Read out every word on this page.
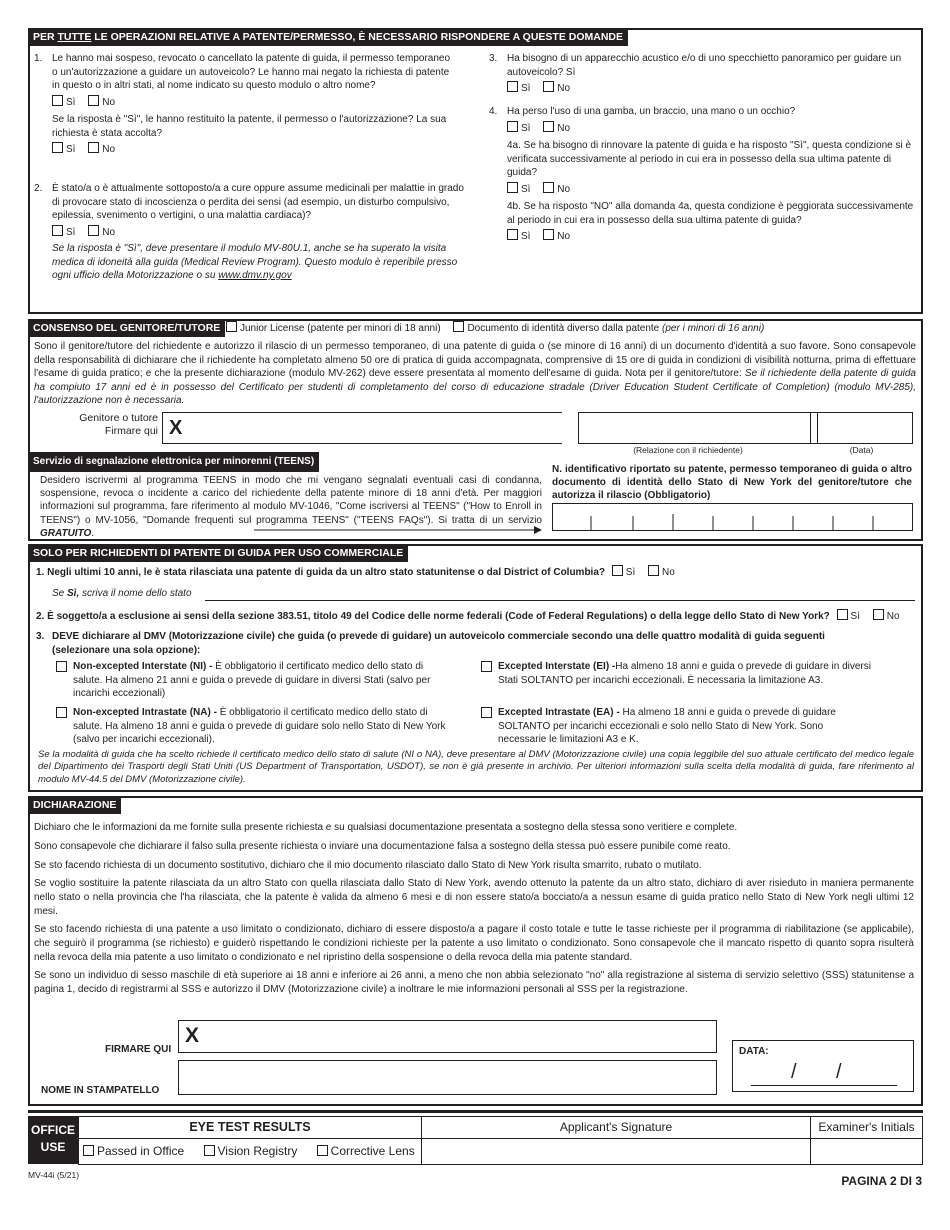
PER TUTTE LE OPERAZIONI RELATIVE A PATENTE/PERMESSO, È NECESSARIO RISPONDERE A QUESTE DOMANDE
1. Le hanno mai sospeso, revocato o cancellato la patente di guida, il permesso temporaneo o un'autorizzazione a guidare un autoveicolo? Le hanno mai negato la richiesta di patente in questo o in altri stati, al nome indicato su questo modulo o altro nome?
Sì	No
Se la risposta è "Sì", le hanno restituito la patente, il permesso o l'autorizzazione? La sua richiesta è stata accolta?
Sì	No
2. È stato/a o è attualmente sottoposto/a a cure oppure assume medicinali per malattie in grado di provocare stato di incoscienza o perdita dei sensi (ad esempio, un disturbo compulsivo, epilessia, svenimento o vertigini, o una malattia cardiaca)?
Sì	No
Se la risposta è "Sì", deve presentare il modulo MV-80U.1, anche se ha superato la visita medica di idoneità alla guida (Medical Review Program). Questo modulo è reperibile presso ogni ufficio della Motorizzazione o su www.dmv.ny.gov
3. Ha bisogno di un apparecchio acustico e/o di uno specchietto panoramico per guidare un autoveicolo? Sì
Sì	No
4. Ha perso l'uso di una gamba, un braccio, una mano o un occhio?
Sì	No
4a. Se ha bisogno di rinnovare la patente di guida e ha risposto "Sì", questa condizione si è verificata successivamente al periodo in cui era in possesso della sua ultima patente di guida?
Sì	No
4b. Se ha risposto "NO" alla domanda 4a, questa condizione è peggiorata successivamente al periodo in cui era in possesso della sua ultima patente di guida?
Sì	No
CONSENSO DEL GENITORE/TUTORE	Junior License (patente per minori di 18 anni)	Documento di identità diverso dalla patente (per i minori di 16 anni)
Sono il genitore/tutore del richiedente e autorizzo il rilascio di un permesso temporaneo, di una patente di guida o (se minore di 16 anni) di un documento d'identità a suo favore. Sono consapevole della responsabilità di dichiarare che il richiedente ha completato almeno 50 ore di pratica di guida accompagnata, comprensive di 15 ore di guida in condizioni di visibilità notturna, prima di effettuare l'esame di guida pratico; e che la presente dichiarazione (modulo MV-262) deve essere presentata al momento dell'esame di guida. Nota per il genitore/tutore: Se il richiedente della patente di guida ha compiuto 17 anni ed è in possesso del Certificato per studenti di completamento del corso di educazione stradale (Driver Education Student Certificate of Completion) (modulo MV-285), l'autorizzazione non è necessaria.
Genitore o tutore
Firmare qui X
(Relazione con il richiedente)	(Data)
Servizio di segnalazione elettronica per minorenni (TEENS)
Desidero iscrivermi al programma TEENS in modo che mi vengano segnalati eventuali casi di condanna, sospensione, revoca o incidente a carico del richiedente della patente minore di 18 anni d'età. Per maggiori informazioni sul programma, fare riferimento al modulo MV-1046, "Come iscriversi al TEENS" ("How to Enroll in TEENS") o MV-1056, "Domande frequenti sul programma TEENS" ("TEENS FAQs"). Si tratta di un servizio GRATUITO.
N. identificativo riportato su patente, permesso temporaneo di guida o altro documento di identità dello Stato di New York del genitore/tutore che autorizza il rilascio (Obbligatorio)
SOLO PER RICHIEDENTI DI PATENTE DI GUIDA PER USO COMMERCIALE
1. Negli ultimi 10 anni, le è stata rilasciata una patente di guida da un altro stato statunitense o dal District of Columbia? Sì	No
Se Sì, scriva il nome dello stato
2. È soggetto/a a esclusione ai sensi della sezione 383.51, titolo 49 del Codice delle norme federali (Code of Federal Regulations) o della legge dello Stato di New York? Sì	No
3. DEVE dichiarare al DMV (Motorizzazione civile) che guida (o prevede di guidare) un autoveicolo commerciale secondo una delle quattro modalità di guida seguenti (selezionare una sola opzione):
Non-excepted Interstate (NI) - È obbligatorio il certificato medico dello stato di salute. Ha almeno 21 anni e guida o prevede di guidare in diversi Stati (salvo per incarichi eccezionali)
Excepted Interstate (EI) -Ha almeno 18 anni e guida o prevede di guidare in diversi Stati SOLTANTO per incarichi eccezionali. È necessaria la limitazione A3.
Non-excepted Intrastate (NA) - È obbligatorio il certificato medico dello stato di salute. Ha almeno 18 anni e guida o prevede di guidare solo nello Stato di New York (salvo per incarichi eccezionali).
Excepted Intrastate (EA) - Ha almeno 18 anni e guida o prevede di guidare SOLTANTO per incarichi eccezionali e solo nello Stato di New York. Sono necessarie le limitazioni A3 e K.
Se la modalità di guida che ha scelto richiede il certificato medico dello stato di salute (NI o NA), deve presentare al DMV (Motorizzazione civile) una copia leggibile del suo attuale certificato del medico legale del Dipartimento dei Trasporti degli Stati Uniti (US Department of Transportation, USDOT), se non è già presente in archivio. Per ulteriori informazioni sulla scelta della modalità di guida, fare riferimento al modulo MV-44.5 del DMV (Motorizzazione civile).
DICHIARAZIONE
Dichiaro che le informazioni da me fornite sulla presente richiesta e su qualsiasi documentazione presentata a sostegno della stessa sono veritiere e complete.
Sono consapevole che dichiarare il falso sulla presente richiesta o inviare una documentazione falsa a sostegno della stessa può essere punibile come reato.
Se sto facendo richiesta di un documento sostitutivo, dichiaro che il mio documento rilasciato dallo Stato di New York risulta smarrito, rubato o mutilato.
Se voglio sostituire la patente rilasciata da un altro Stato con quella rilasciata dallo Stato di New York, avendo ottenuto la patente da un altro stato, dichiaro di aver risieduto in maniera permanente nello stato o nella provincia che l'ha rilasciata, che la patente è valida da almeno 6 mesi e di non essere stato/a bocciato/a a nessun esame di guida pratico nello Stato di New York negli ultimi 12 mesi.
Se sto facendo richiesta di una patente a uso limitato o condizionato, dichiaro di essere disposto/a a pagare il costo totale e tutte le tasse richieste per il programma di riabilitazione (se applicabile), che seguirò il programma (se richiesto) e guiderò rispettando le condizioni richieste per la patente a uso limitato o condizionato. Sono consapevole che il mancato rispetto di quanto sopra risulterà nella revoca della mia patente a uso limitato o condizionato e nel ripristino della sospensione o della revoca della mia patente standard.
Se sono un individuo di sesso maschile di età superiore ai 18 anni e inferiore ai 26 anni, a meno che non abbia selezionato "no" alla registrazione al sistema di servizio selettivo (SSS) statunitense a pagina 1, decido di registrarmi al SSS e autorizzo il DMV (Motorizzazione civile) a inoltrare le mie informazioni personali al SSS per la registrazione.
FIRMARE QUI
X
NOME IN STAMPATELLO
DATA:
/ /
OFFICE
USE
EYE TEST RESULTS	Applicant's Signature	Examiner's Initials
Passed in Office Vision Registry Corrective Lens		
MV-44i (5/21)	PAGINA 2 DI 3
